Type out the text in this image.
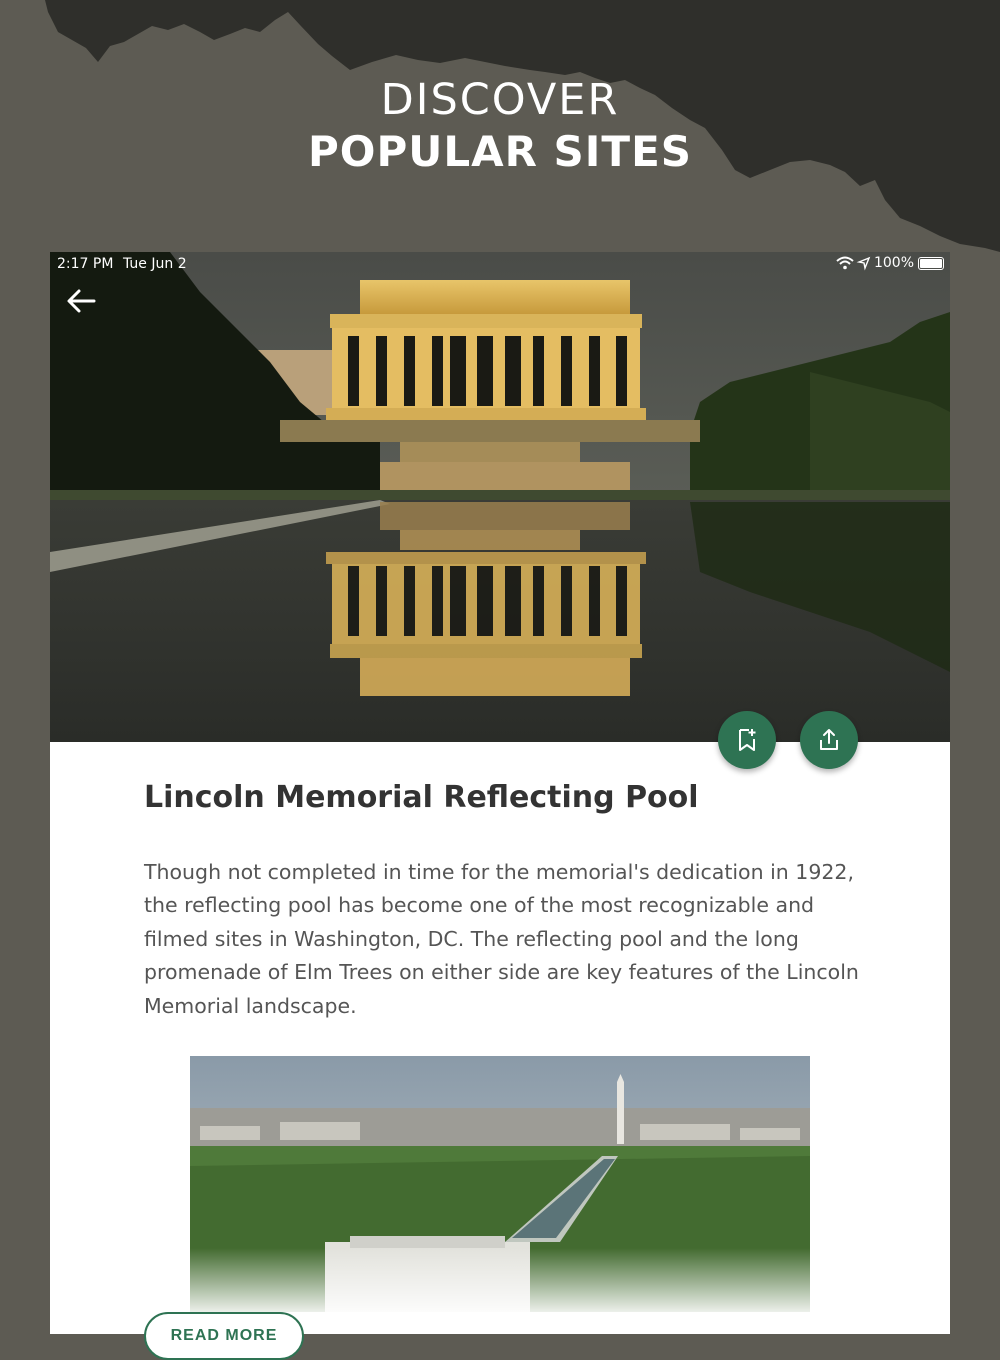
DISCOVER
POPULAR SITES
2:17 PM Tue Jun 2	100%
Lincoln Memorial Reflecting Pool
Though not completed in time for the memorial's dedication in 1922, the reflecting pool has become one of the most recognizable and filmed sites in Washington, DC. The reflecting pool and the long promenade of Elm Trees on either side are key features of the Lincoln Memorial landscape.
READ MORE
